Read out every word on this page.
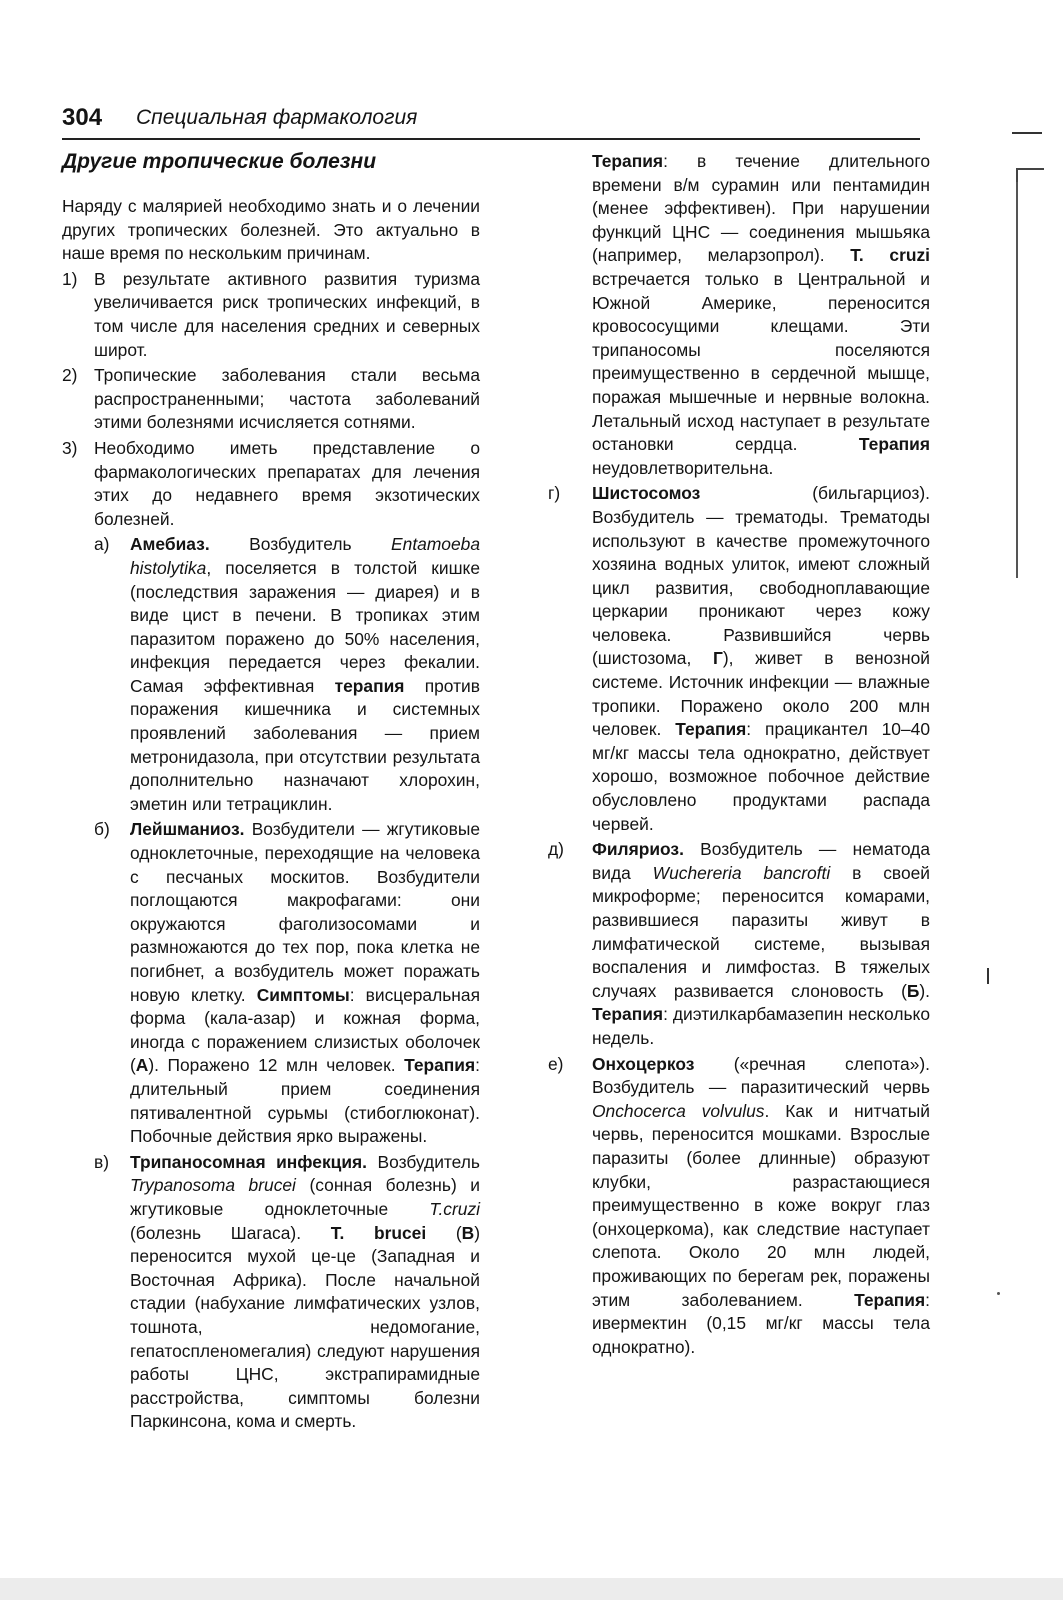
304 Специальная фармакология
Другие тропические болезни

Наряду с малярией необходимо знать и о лечении других тропических болезней. Это актуально в наше время по нескольким причинам.

1) В результате активного развития туризма увеличивается риск тропических инфекций, в том числе для населения средних и северных широт.
2) Тропические заболевания стали весьма распространенными; частота заболеваний этими болезнями исчисляется сотнями.
3) Необходимо иметь представление о фармакологических препаратах для лечения этих до недавнего время экзотических болезней.
а)	Амебиаз. Возбудитель Entamoeba histolytika, поселяется в толстой кишке (последствия заражения — диарея) и в виде цист в печени. В тропиках этим паразитом поражено до 50% населения, инфекция передается через фекалии. Самая эффективная терапия против поражения кишечника и системных проявлений заболевания — прием метронидазола, при отсутствии результата дополнительно назначают хлорохин, эметин или тетрациклин.
б)	Лейшманиоз. Возбудители — жгутиковые одноклеточные, переходящие на человека с песчаных москитов. Возбудители поглощаются макрофагами: они окружаются фаголизосомами и размножаются до тех пор, пока клетка не погибнет, а возбудитель может поражать новую клетку. Симптомы: висцеральная форма (кала-азар) и кожная форма, иногда с поражением слизистых оболочек (А). Поражено 12 млн человек. Терапия: длительный прием соединения пятивалентной сурьмы (стибоглюконат). Побочные действия ярко выражены.
в)	Трипаносомная инфекция. Возбудитель Trypanosoma brucei (сонная болезнь) и жгутиковые одноклеточные T.cruzi (болезнь Шагаса). T. brucei (В) переносится мухой це-це (Западная и Восточная Африка). После начальной стадии (набухание лимфатических узлов, тошнота, недомогание, гепатоспленомегалия) следуют нарушения работы ЦНС, экстрапирамидные расстройства, симптомы болезни Паркинсона, кома и смерть.

Терапия: в течение длительного времени в/м сурамин или пентамидин (менее эффективен). При нарушении функций ЦНС — соединения мышьяка (например, меларзопрол). T. cruzi встречается только в Центральной и Южной Америке, переносится кровососущими клещами. Эти трипаносомы поселяются преимущественно в сердечной мышце, поражая мышечные и нервные волокна. Летальный исход наступает в результате остановки сердца. Терапия неудовлетворительна.

г)	Шистосомоз (бильгарциоз). Возбудитель — трематоды. Трематоды используют в качестве промежуточного хозяина водных улиток, имеют сложный цикл развития, свободноплавающие церкарии проникают через кожу человека. Развившийся червь (шистозома, Г), живет в венозной системе. Источник инфекции — влажные тропики. Поражено около 200 млн человек. Терапия: працикантел 10–40 мг/кг массы тела однократно, действует хорошо, возможное побочное действие обусловлено продуктами распада червей.
д)	Филяриоз. Возбудитель — нематода вида Wuchereria bancrofti в своей микроформе; переносится комарами, развившиеся паразиты живут в лимфатической системе, вызывая воспаления и лимфостаз. В тяжелых случаях развивается слоновость (Б). Терапия: диэтилкарбамазепин несколько недель.
е)	Онхоцеркоз («речная слепота»). Возбудитель — паразитический червь Onchocerca volvulus. Как и нитчатый червь, переносится мошками. Взрослые паразиты (более длинные) образуют клубки, разрастающиеся преимущественно в коже вокруг глаз (онхоцеркома), как следствие наступает слепота. Около 20 млн людей, проживающих по берегам рек, поражены этим заболеванием. Терапия: ивермектин (0,15 мг/кг массы тела однократно).
